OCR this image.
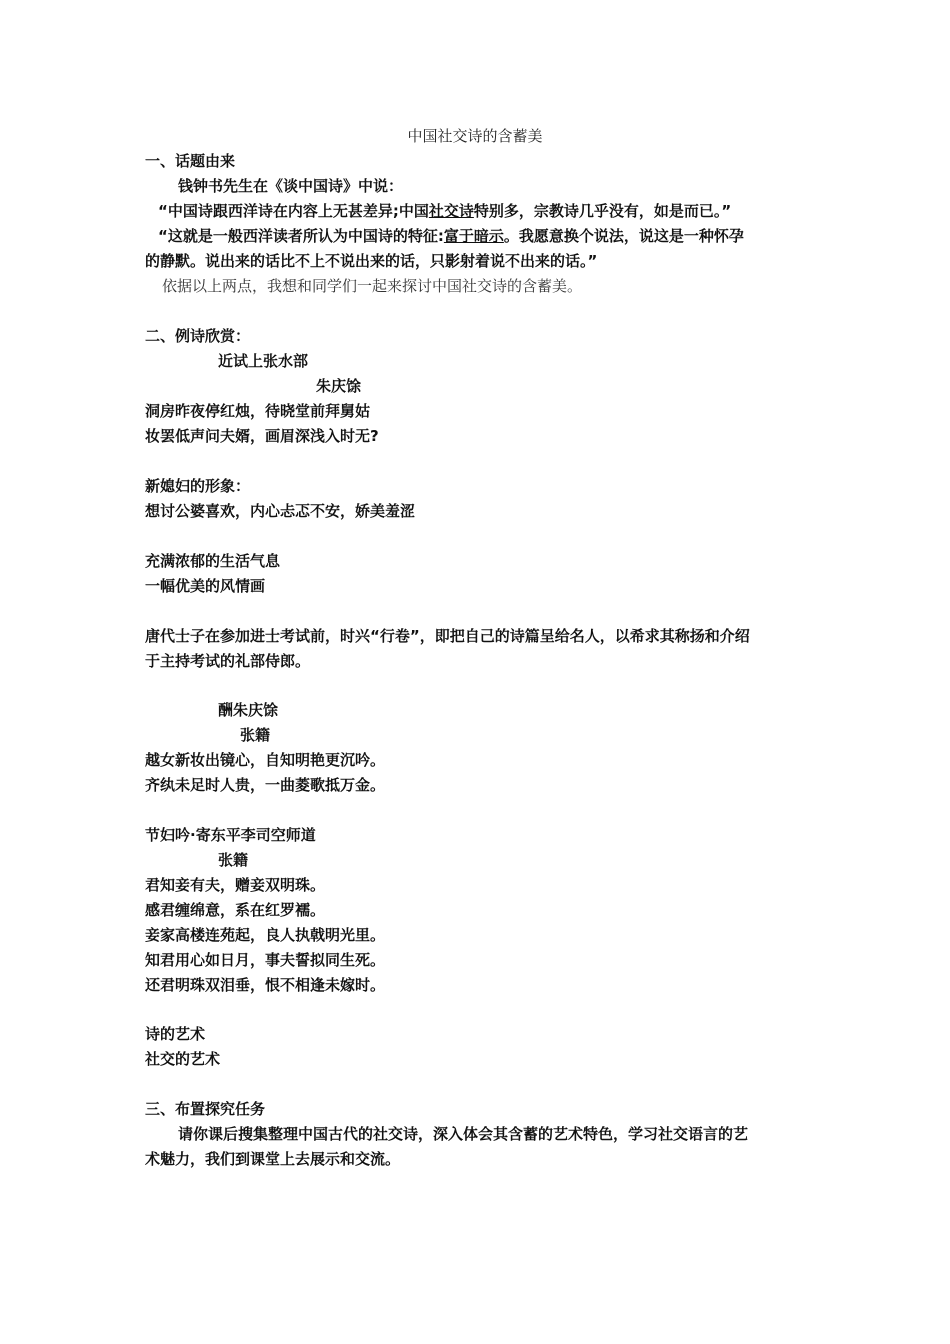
中国社交诗的含蓄美
一、话题由来
钱钟书先生在《谈中国诗》中说：
“中国诗跟西洋诗在内容上无甚差异;中国社交诗特别多，宗教诗几乎没有，如是而已。”
“这就是一般西洋读者所认为中国诗的特征:富于暗示。我愿意换个说法，说这是一种怀孕
的静默。说出来的话比不上不说出来的话，只影射着说不出来的话。”
依据以上两点，我想和同学们一起来探讨中国社交诗的含蓄美。
二、例诗欣赏：
近试上张水部
朱庆馀
洞房昨夜停红烛，待晓堂前拜舅姑
妆罢低声问夫婿，画眉深浅入时无?
新媳妇的形象：
想讨公婆喜欢，内心忐忑不安，娇美羞涩
充满浓郁的生活气息
一幅优美的风情画
唐代士子在参加进士考试前，时兴“行卷”，即把自己的诗篇呈给名人，以希求其称扬和介绍
于主持考试的礼部侍郎。
酬朱庆馀
张籍
越女新妆出镜心，自知明艳更沉吟。
齐纨未足时人贵，一曲菱歌抵万金。
节妇吟·寄东平李司空师道
张籍
君知妾有夫，赠妾双明珠。
感君缠绵意，系在红罗襦。
妾家高楼连苑起，良人执戟明光里。
知君用心如日月，事夫誓拟同生死。
还君明珠双泪垂，恨不相逢未嫁时。
诗的艺术
社交的艺术
三、布置探究任务
请你课后搜集整理中国古代的社交诗，深入体会其含蓄的艺术特色，学习社交语言的艺
术魅力，我们到课堂上去展示和交流。
